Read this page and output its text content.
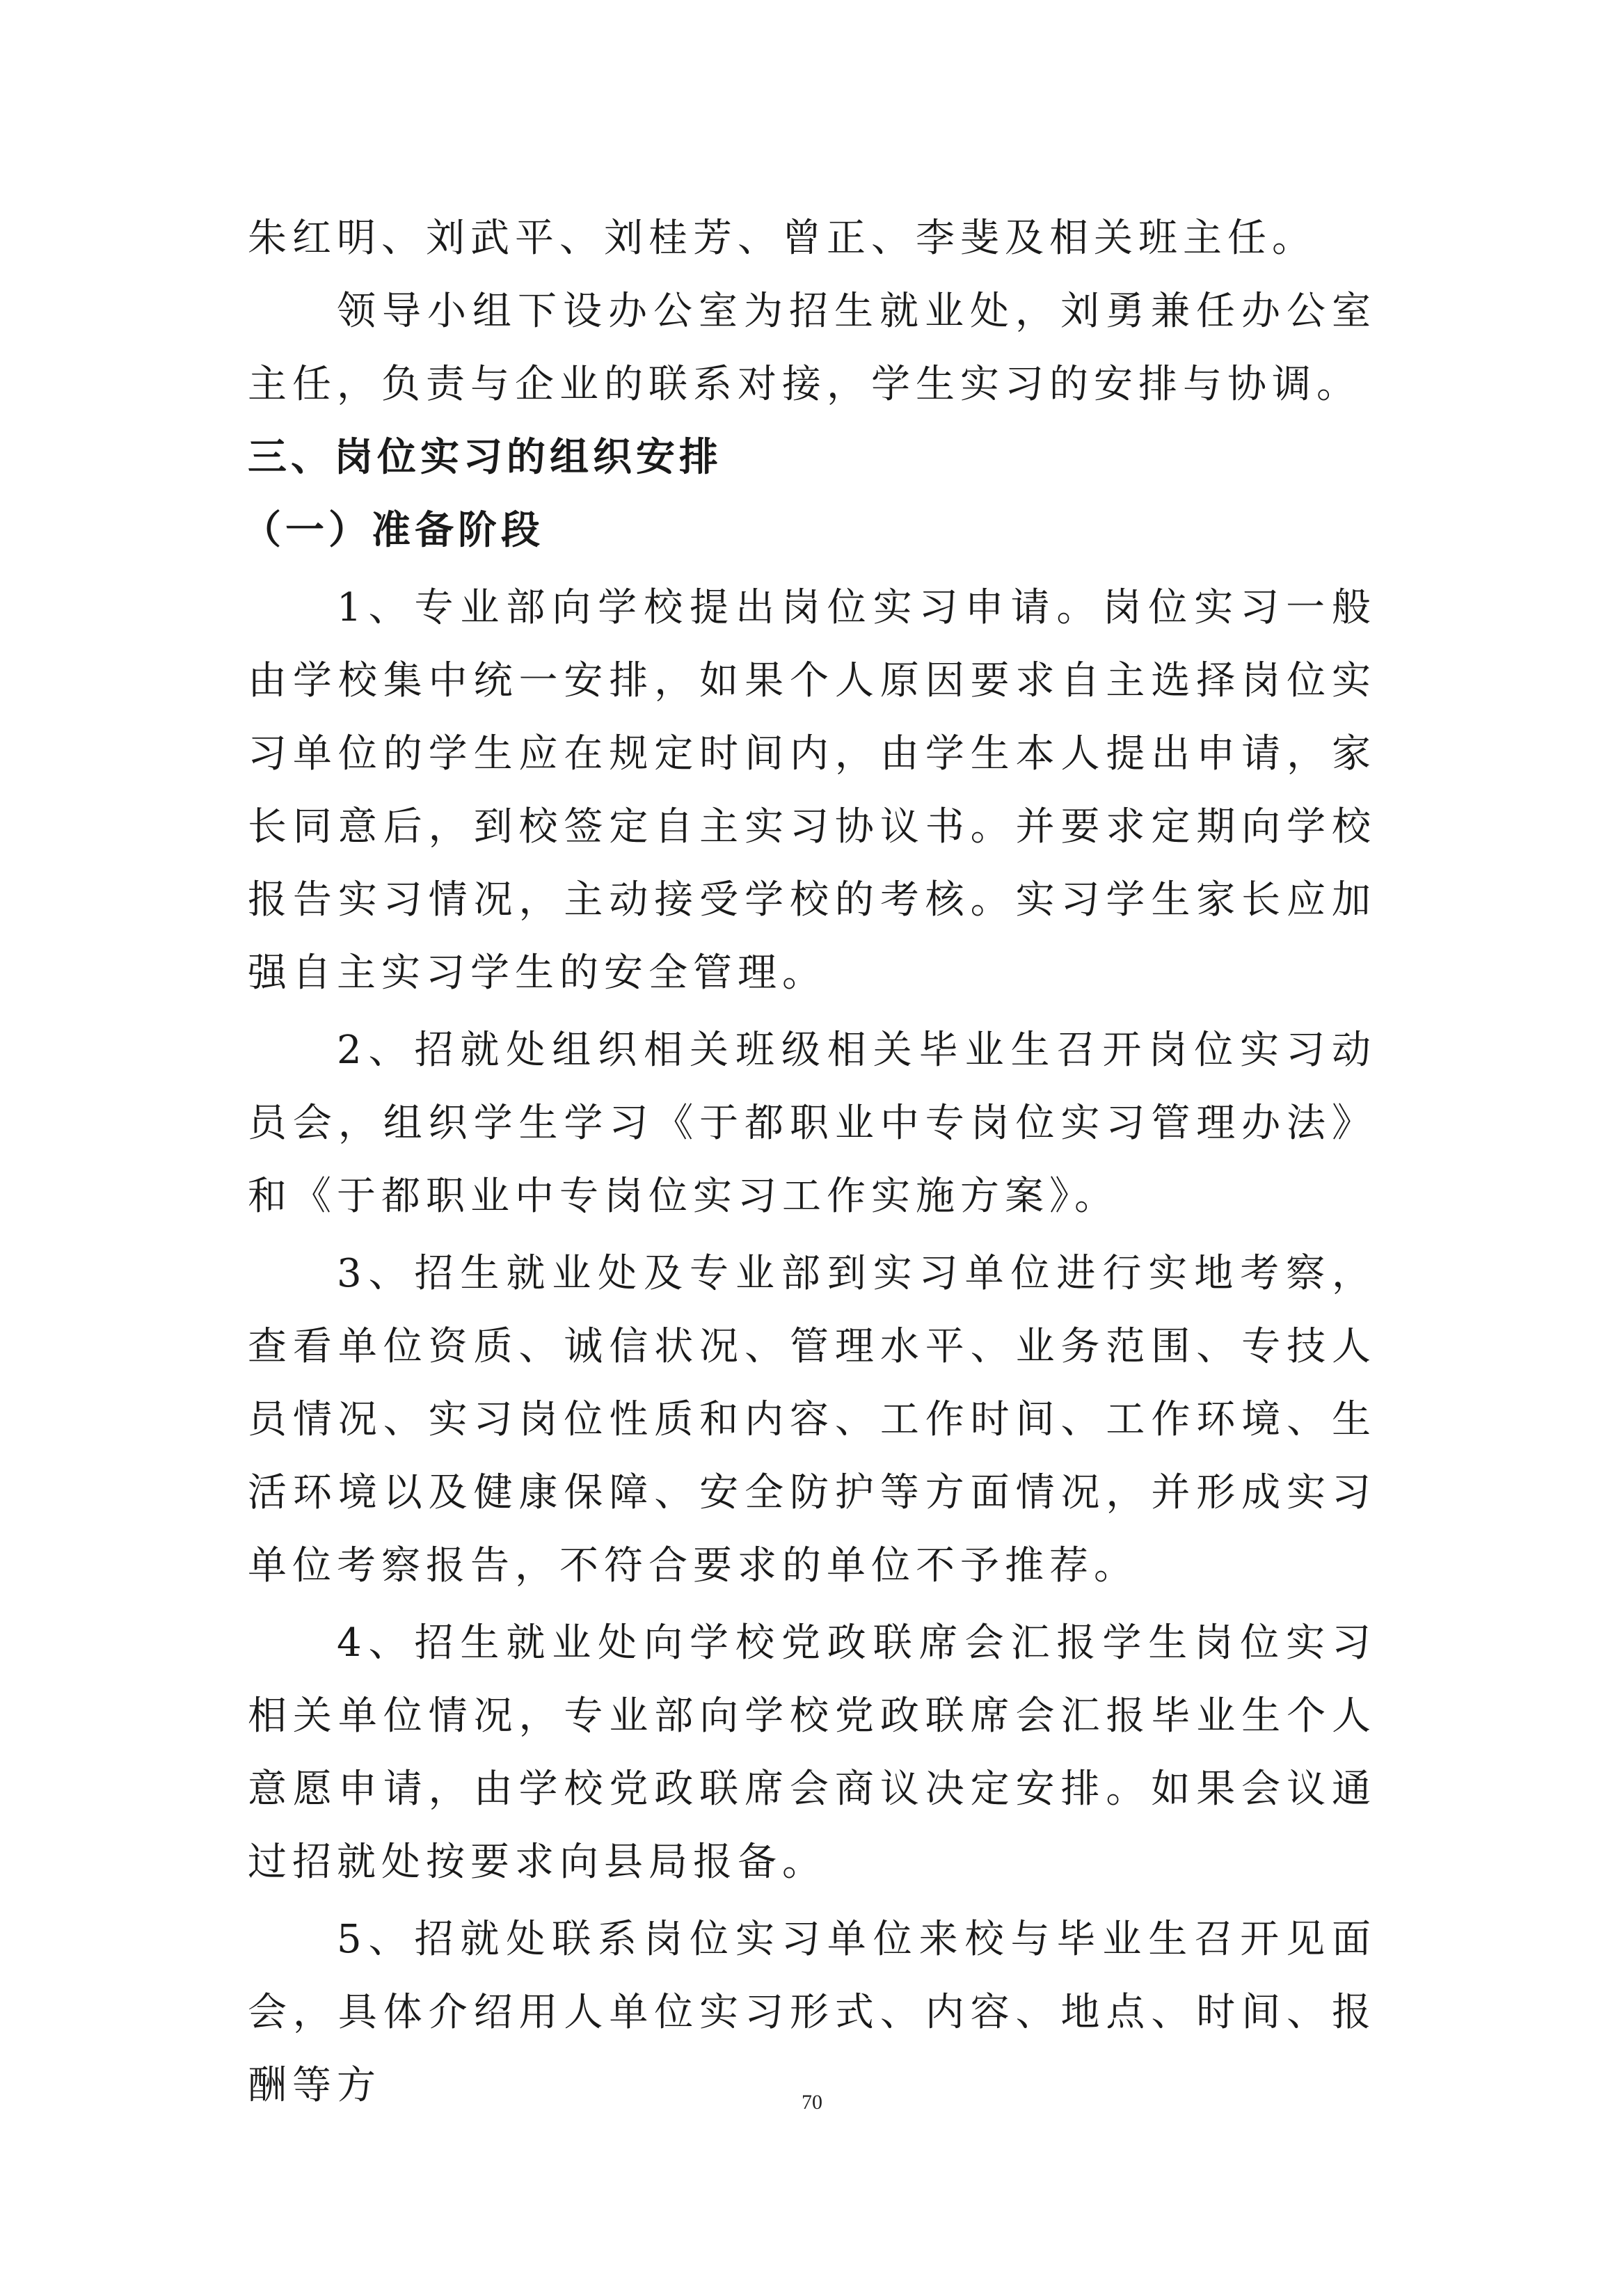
朱红明、刘武平、刘桂芳、曾正、李斐及相关班主任。

领导小组下设办公室为招生就业处，刘勇兼任办公室主任，负责与企业的联系对接，学生实习的安排与协调。

三、岗位实习的组织安排
（一）准备阶段

1、专业部向学校提出岗位实习申请。岗位实习一般由学校集中统一安排，如果个人原因要求自主选择岗位实习单位的学生应在规定时间内，由学生本人提出申请，家长同意后，到校签定自主实习协议书。并要求定期向学校报告实习情况，主动接受学校的考核。实习学生家长应加强自主实习学生的安全管理。

2、招就处组织相关班级相关毕业生召开岗位实习动员会，组织学生学习《于都职业中专岗位实习管理办法》和《于都职业中专岗位实习工作实施方案》。

3、招生就业处及专业部到实习单位进行实地考察，查看单位资质、诚信状况、管理水平、业务范围、专技人员情况、实习岗位性质和内容、工作时间、工作环境、生活环境以及健康保障、安全防护等方面情况，并形成实习单位考察报告，不符合要求的单位不予推荐。

4、招生就业处向学校党政联席会汇报学生岗位实习相关单位情况，专业部向学校党政联席会汇报毕业生个人意愿申请，由学校党政联席会商议决定安排。如果会议通过招就处按要求向县局报备。

5、招就处联系岗位实习单位来校与毕业生召开见面会，具体介绍用人单位实习形式、内容、地点、时间、报酬等方	70
